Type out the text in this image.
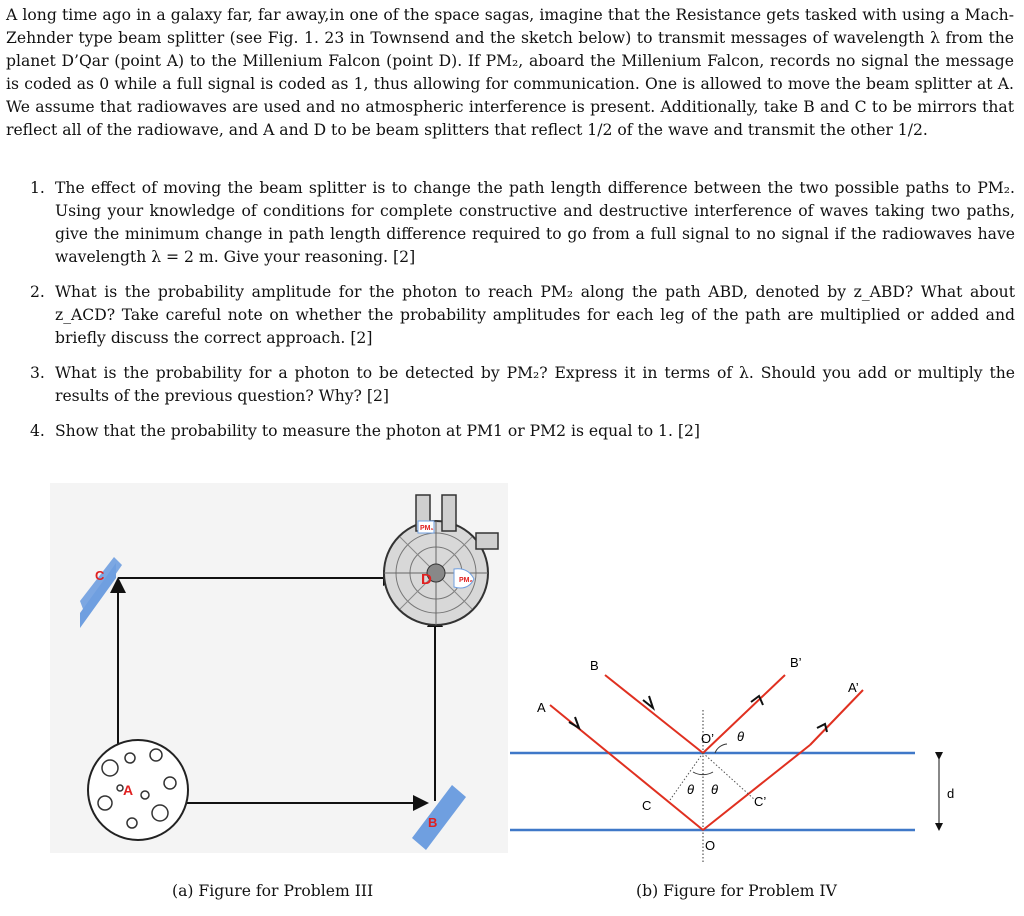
A long time ago in a galaxy far, far away,in one of the space sagas, imagine that the Resistance gets tasked with using a Mach-Zehnder type beam splitter (see Fig. 1. 23 in Townsend and the sketch below) to transmit messages of wavelength λ from the planet D’Qar (point A) to the Millenium Falcon (point D). If PM₂, aboard the Millenium Falcon, records no signal the message is coded as 0 while a full signal is coded as 1, thus allowing for communication. One is allowed to move the beam splitter at A. We assume that radiowaves are used and no atmospheric interference is present. Additionally, take B and C to be mirrors that reflect all of the radiowave, and A and D to be beam splitters that reflect 1/2 of the wave and transmit the other 1/2.

1. The effect of moving the beam splitter is to change the path length difference between the two possible paths to PM₂. Using your knowledge of conditions for complete constructive and destructive interference of waves taking two paths, give the minimum change in path length difference required to go from a full signal to no signal if the radiowaves have wavelength λ = 2 m. Give your reasoning. [2]
2. What is the probability amplitude for the photon to reach PM₂ along the path ABD, denoted by z_ABD? What about z_ACD? Take careful note on whether the probability amplitudes for each leg of the path are multiplied or added and briefly discuss the correct approach. [2]
3. What is the probability for a photon to be detected by PM₂? Express it in terms of λ. Should you add or multiply the results of the previous question? Why? [2]
4. Show that the probability to measure the photon at PM1 or PM2 is equal to 1. [2]
C
B
A
PM₁
PM₂
D
A
B	B’
A’
O’ θ
θ θ
C	C’
O
d
(a) Figure for Problem III	(b) Figure for Problem IV
